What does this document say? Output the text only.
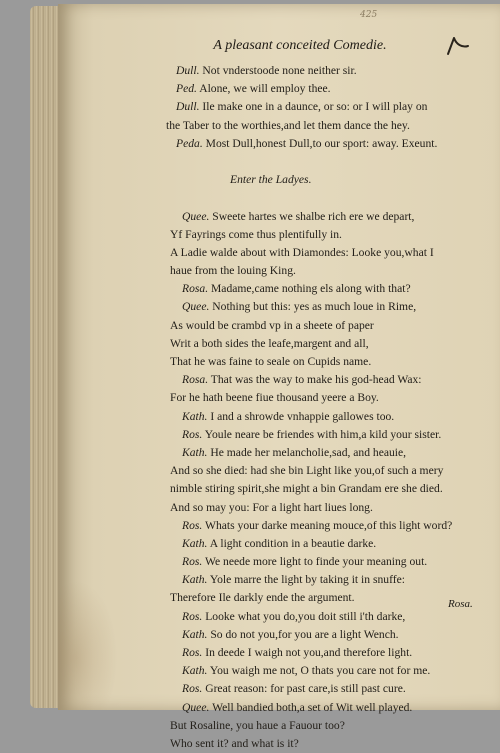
425
A pleasant conceited Comedie.
Dull. Not vnderstoode none neither sir.
Ped. Alone, we will employ thee.
Dull. Ile make one in a daunce, or so: or I will play on
the Taber to the worthies,and let them dance the hey.
Peda. Most Dull,honest Dull,to our sport: away. Exeunt.
Enter the Ladyes.
Quee. Sweete hartes we shalbe rich ere we depart,
Yf Fayrings come thus plentifully in.
A Ladie walde about with Diamondes: Looke you,what I
haue from the louing King.
Rosa. Madame,came nothing els along with that?
Quee. Nothing but this: yes as much loue in Rime,
As would be crambd vp in a sheete of paper
Writ a both sides the leafe,margent and all,
That he was faine to seale on Cupids name.
Rosa. That was the way to make his god-head Wax:
For he hath beene fiue thousand yeere a Boy.
Kath. I and a shrowde vnhappie gallowes too.
Ros. Youle neare be friendes with him,a kild your sister.
Kath. He made her melancholie,sad, and heauie,
And so she died: had she bin Light like you,of such a mery
nimble stiring spirit,she might a bin Grandam ere she died.
And so may you: For a light hart liues long.
Ros. Whats your darke meaning mouce,of this light word?
Kath. A light condition in a beautie darke.
Ros. We neede more light to finde your meaning out.
Kath. Yole marre the light by taking it in snuffe:
Therefore Ile darkly ende the argument.
Ros. Looke what you do,you doit still i'th darke,
Kath. So do not you,for you are a light Wench.
Ros. In deede I waigh not you,and therefore light.
Kath. You waigh me not, O thats you care not for me.
Ros. Great reason: for past care,is still past cure.
Quee. Well bandied both,a set of Wit well played.
But Rosaline, you haue a Fauour too?
Who sent it? and what is it?
Rosa.
